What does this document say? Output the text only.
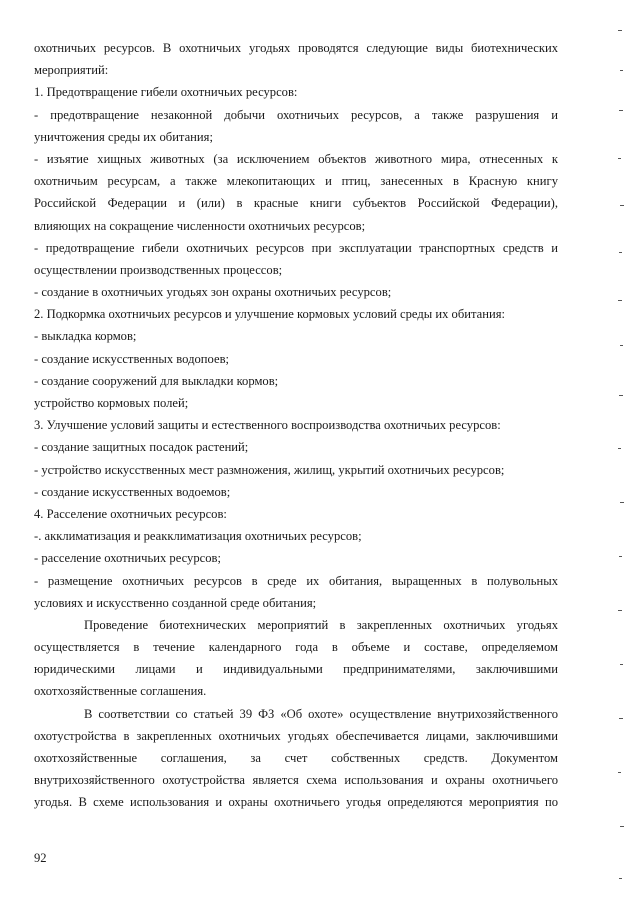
охотничьих ресурсов. В охотничьих угодьях проводятся следующие виды биотехнических
мероприятий:
1. Предотвращение гибели охотничьих ресурсов:
- предотвращение незаконной добычи охотничьих ресурсов, а также разрушения и
уничтожения среды их обитания;
- изъятие хищных животных (за исключением объектов животного мира, отнесенных к
охотничьим ресурсам, а также млекопитающих и птиц, занесенных в Красную книгу
Российской Федерации и (или) в красные книги субъектов Российской Федерации),
влияющих на сокращение численности охотничьих ресурсов;
- предотвращение гибели охотничьих ресурсов при эксплуатации транспортных средств и
осуществлении производственных процессов;
- создание в охотничьих угодьях зон охраны охотничьих ресурсов;
2. Подкормка охотничьих ресурсов и улучшение кормовых условий среды их обитания:
- выкладка кормов;
- создание искусственных водопоев;
- создание сооружений для выкладки кормов;
устройство кормовых полей;
3. Улучшение условий защиты и естественного воспроизводства охотничьих ресурсов:
- создание защитных посадок растений;
- устройство искусственных мест размножения, жилищ, укрытий охотничьих ресурсов;
- создание искусственных водоемов;
4. Расселение охотничьих ресурсов:
-. акклиматизация и реакклиматизация охотничьих ресурсов;
- расселение охотничьих ресурсов;
- размещение охотничьих ресурсов в среде их обитания, выращенных в полувольных
условиях и искусственно созданной среде обитания;
Проведение биотехнических мероприятий в закрепленных охотничьих угодьях
осуществляется в течение календарного года в объеме и составе, определяемом
юридическими лицами и индивидуальными предпринимателями, заключившими
охотхозяйственные соглашения.
В соответствии со статьей 39 ФЗ «Об охоте» осуществление внутрихозяйственного
охотустройства в закрепленных охотничьих угодьях обеспечивается лицами, заключившими
охотхозяйственные соглашения, за счет собственных средств. Документом
внутрихозяйственного охотустройства является схема использования и охраны охотничьего
угодья. В схеме использования и охраны охотничьего угодья определяются мероприятия по
92
